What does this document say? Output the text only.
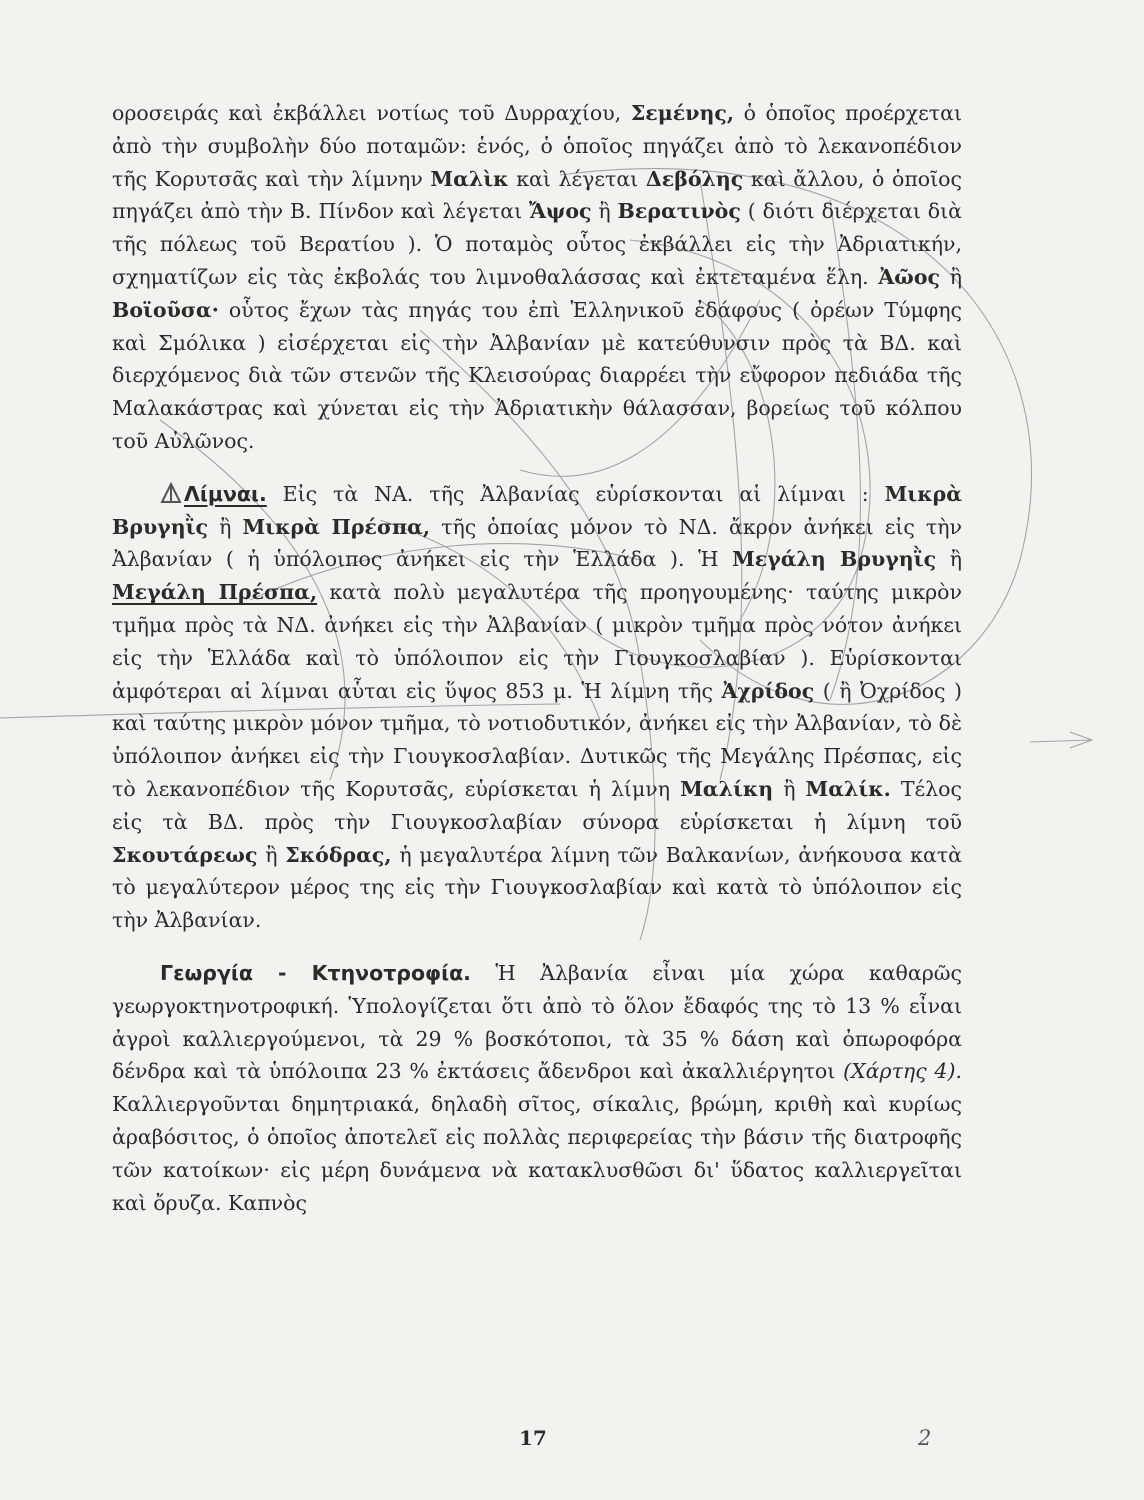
οροσειράς καὶ ἐκβάλλει νοτίως τοῦ Δυρραχίου, Σεμένης, ὁ ὁποῖος προέρχεται ἀπὸ τὴν συμβολὴν δύο ποταμῶν: ἑνός, ὁ ὁποῖος πηγάζει ἀπὸ τὸ λεκανοπέδιον τῆς Κορυτσᾶς καὶ τὴν λίμνην Μαλὶκ καὶ λέγεται Δεβόλης καὶ ἄλλου, ὁ ὁποῖος πηγάζει ἀπὸ τὴν Β. Πίνδον καὶ λέγεται Ἄψος ἢ Βερατινὸς ( διότι διέρχεται διὰ τῆς πόλεως τοῦ Βερατίου ). Ὁ ποταμὸς οὗτος ἐκβάλλει εἰς τὴν Ἀδριατικήν, σχηματίζων εἰς τὰς ἐκβολάς του λιμνοθαλάσσας καὶ ἐκτεταμένα ἕλη. Ἀῶος ἢ Βοϊοῦσα· οὗτος ἔχων τὰς πηγάς του ἐπὶ Ἑλληνικοῦ ἐδάφους ( ὀρέων Τύμφης καὶ Σμόλικα ) εἰσέρχεται εἰς τὴν Ἀλβανίαν μὲ κατεύθυνσιν πρὸς τὰ ΒΔ. καὶ διερχόμενος διὰ τῶν στενῶν τῆς Κλεισούρας διαρρέει τὴν εὔφορον πεδιάδα τῆς Μαλακάστρας καὶ χύνεται εἰς τὴν Ἀδριατικὴν θάλασσαν, βορείως τοῦ κόλπου τοῦ Αὐλῶνος.

Λίμναι. Εἰς τὰ ΝΑ. τῆς Ἀλβανίας εὑρίσκονται αἱ λίμναι : Μικρὰ Βρυγηῒς ἢ Μικρὰ Πρέσπα, τῆς ὁποίας μόνον τὸ ΝΔ. ἄκρον ἀνήκει εἰς τὴν Ἀλβανίαν ( ἡ ὑπόλοιπος ἀνήκει εἰς τὴν Ἑλλάδα ). Ἡ Μεγάλη Βρυγηῒς ἢ Μεγάλη Πρέσπα, κατὰ πολὺ μεγαλυτέρα τῆς προηγουμένης· ταύτης μικρὸν τμῆμα πρὸς τὰ ΝΔ. ἀνήκει εἰς τὴν Ἀλβανίαν ( μικρὸν τμῆμα πρὸς νότον ἀνήκει εἰς τὴν Ἑλλάδα καὶ τὸ ὑπόλοιπον εἰς τὴν Γιουγκοσλαβίαν ). Εὑρίσκονται ἀμφότεραι αἱ λίμναι αὗται εἰς ὕψος 853 μ. Ἡ λίμνη τῆς Ἀχρίδος ( ἢ Ὀχρίδος ) καὶ ταύτης μικρὸν μόνον τμῆμα, τὸ νοτιοδυτικόν, ἀνήκει εἰς τὴν Ἀλβανίαν, τὸ δὲ ὑπόλοιπον ἀνήκει εἰς τὴν Γιουγκοσλαβίαν. Δυτικῶς τῆς Μεγάλης Πρέσπας, εἰς τὸ λεκανοπέδιον τῆς Κορυτσᾶς, εὑρίσκεται ἡ λίμνη Μαλίκη ἢ Μαλίκ. Τέλος εἰς τὰ ΒΔ. πρὸς τὴν Γιουγκοσλαβίαν σύνορα εὑρίσκεται ἡ λίμνη τοῦ Σκουτάρεως ἢ Σκόδρας, ἡ μεγαλυτέρα λίμνη τῶν Βαλκανίων, ἀνήκουσα κατὰ τὸ μεγαλύτερον μέρος της εἰς τὴν Γιουγκοσλαβίαν καὶ κατὰ τὸ ὑπόλοιπον εἰς τὴν Ἀλβανίαν.

Γεωργία - Κτηνοτροφία. Ἡ Ἀλβανία εἶναι μία χώρα καθαρῶς γεωργοκτηνοτροφική. Ὑπολογίζεται ὅτι ἀπὸ τὸ ὅλον ἔδαφός της τὸ 13 % εἶναι ἀγροὶ καλλιεργούμενοι, τὰ 29 % βοσκότοποι, τὰ 35 % δάση καὶ ὀπωροφόρα δένδρα καὶ τὰ ὑπόλοιπα 23 % ἐκτάσεις ἄδενδροι καὶ ἀκαλλιέργητοι (Χάρτης 4). Καλλιεργοῦνται δημητριακά, δηλαδὴ σῖτος, σίκαλις, βρώμη, κριθὴ καὶ κυρίως ἀραβόσιτος, ὁ ὁποῖος ἀποτελεῖ εἰς πολλὰς περιφερείας τὴν βάσιν τῆς διατροφῆς τῶν κατοίκων· εἰς μέρη δυνάμενα νὰ κατακλυσθῶσι δι' ὕδατος καλλιεργεῖται καὶ ὄρυζα. Καπνὸς

17	2
